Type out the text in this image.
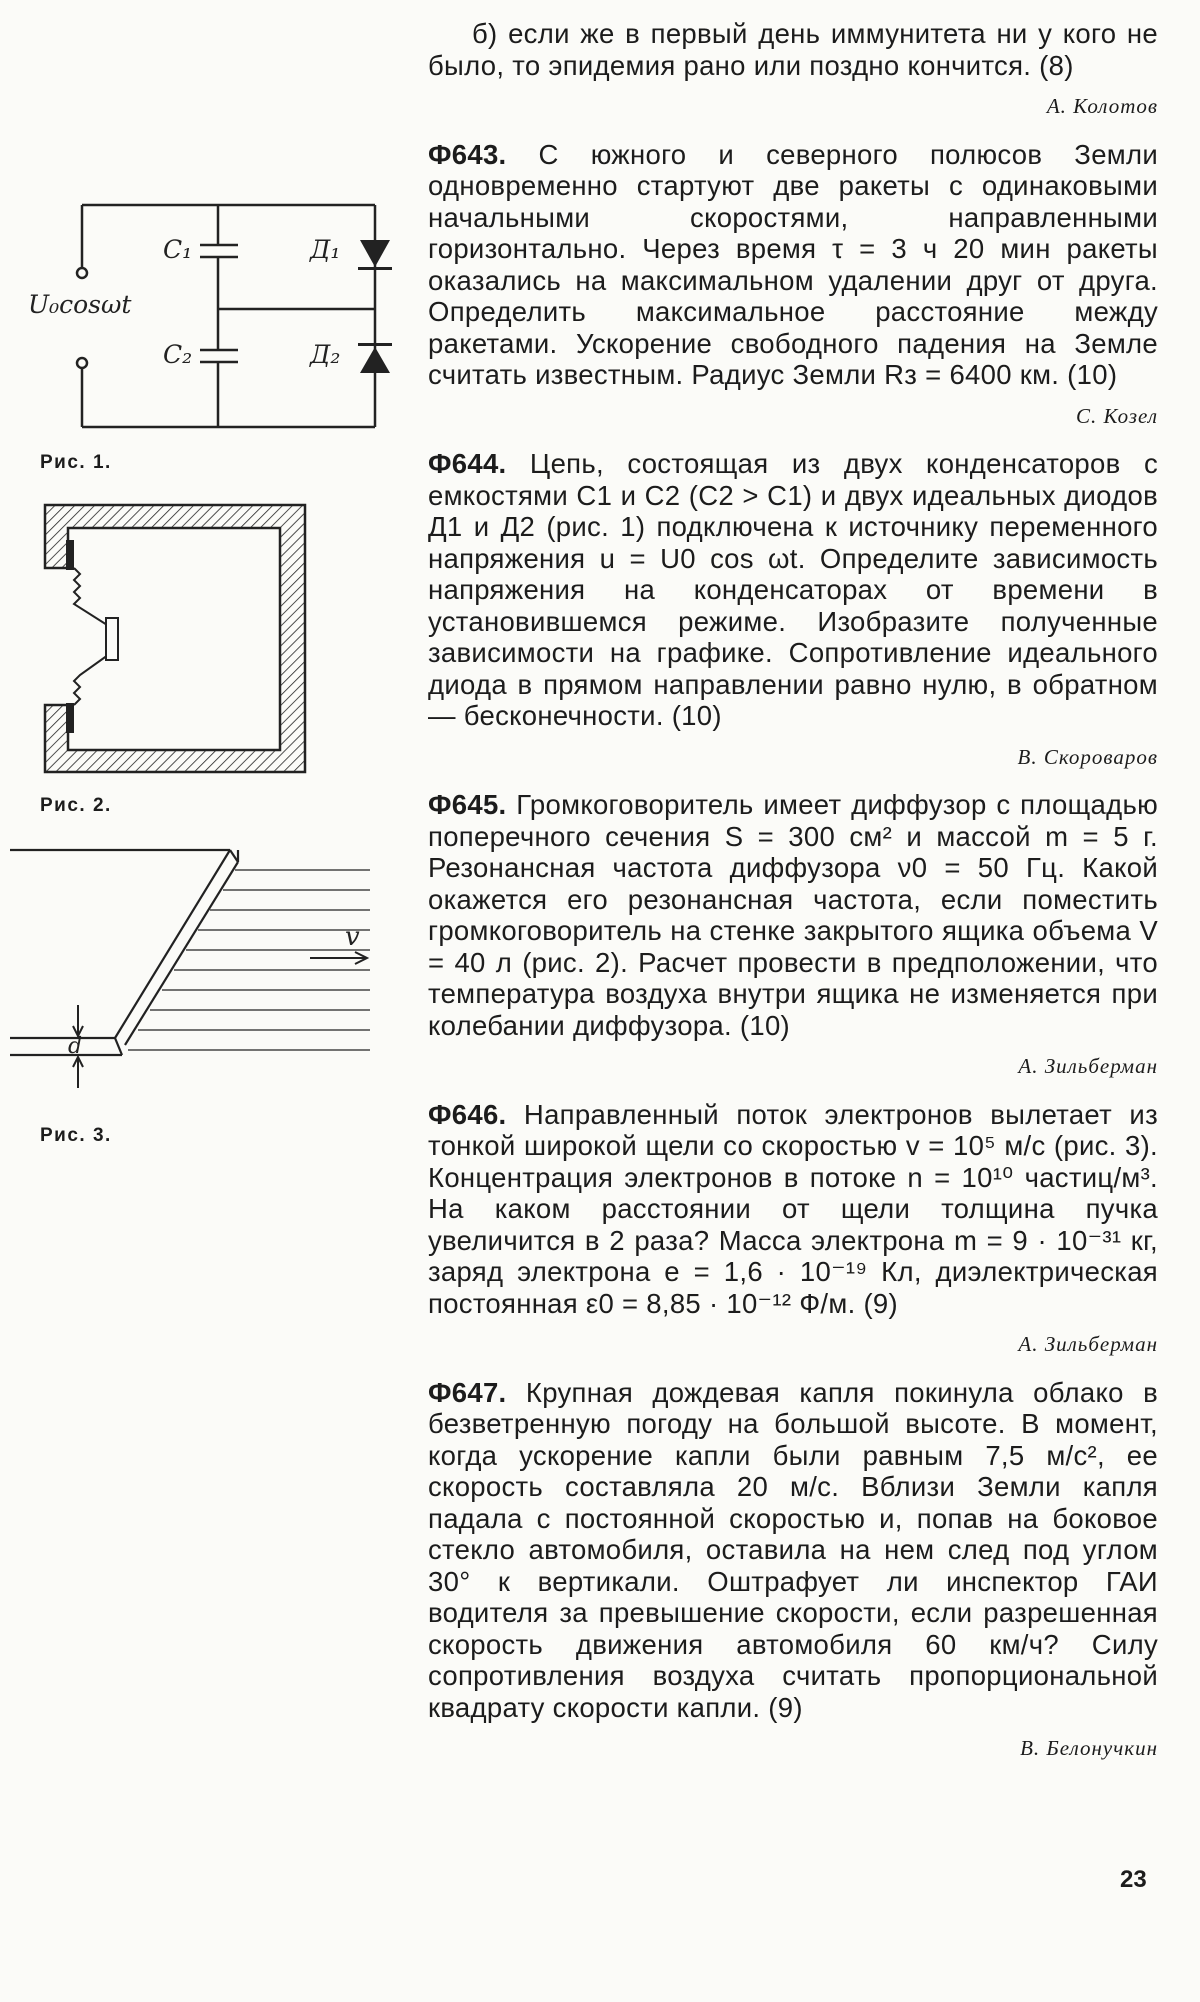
U₀cosωt
C₁
C₂
Д₁
Д₂
Рис. 1.
Рис. 2.
v
d
Рис. 3.

б) если же в первый день иммунитета ни у кого не было, то эпидемия рано или поздно кончится. (8)

А. Колотов

Ф643. С южного и северного полюсов Земли одновременно стартуют две ракеты с одинаковыми начальными скоростями, направленными горизонтально. Через время τ = 3 ч 20 мин ракеты оказались на максимальном удалении друг от друга. Определить максимальное расстояние между ракетами. Ускорение свободного падения на Земле считать известным. Радиус Земли Rз = 6400 км. (10)

С. Козел

Ф644. Цепь, состоящая из двух конденсаторов с емкостями C1 и C2 (C2 > C1) и двух идеальных диодов Д1 и Д2 (рис. 1) подключена к источнику переменного напряжения u = U0 cos ωt. Определите зависимость напряжения на конденсаторах от времени в установившемся режиме. Изобразите полученные зависимости на графике. Сопротивление идеального диода в прямом направлении равно нулю, в обратном — бесконечности. (10)

В. Скороваров

Ф645. Громкоговоритель имеет диффузор с площадью поперечного сечения S = 300 см² и массой m = 5 г. Резонансная частота диффузора ν0 = 50 Гц. Какой окажется его резонансная частота, если поместить громкоговоритель на стенке закрытого ящика объема V = 40 л (рис. 2). Расчет провести в предположении, что температура воздуха внутри ящика не изменяется при колебании диффузора. (10)

А. Зильберман

Ф646. Направленный поток электронов вылетает из тонкой широкой щели со скоростью v = 10⁵ м/с (рис. 3). Концентрация электронов в потоке n = 10¹⁰ частиц/м³. На каком расстоянии от щели толщина пучка увеличится в 2 раза? Масса электрона m = 9 · 10⁻³¹ кг, заряд электрона e = 1,6 · 10⁻¹⁹ Кл, диэлектрическая постоянная ε0 = 8,85 · 10⁻¹² Ф/м. (9)

А. Зильберман

Ф647. Крупная дождевая капля покинула облако в безветренную погоду на большой высоте. В момент, когда ускорение капли были равным 7,5 м/с², ее скорость составляла 20 м/с. Вблизи Земли капля падала с постоянной скоростью и, попав на боковое стекло автомобиля, оставила на нем след под углом 30° к вертикали. Оштрафует ли инспектор ГАИ водителя за превышение скорости, если разрешенная скорость движения автомобиля 60 км/ч? Силу сопротивления воздуха считать пропорциональной квадрату скорости капли. (9)

В. Белонучкин
23
